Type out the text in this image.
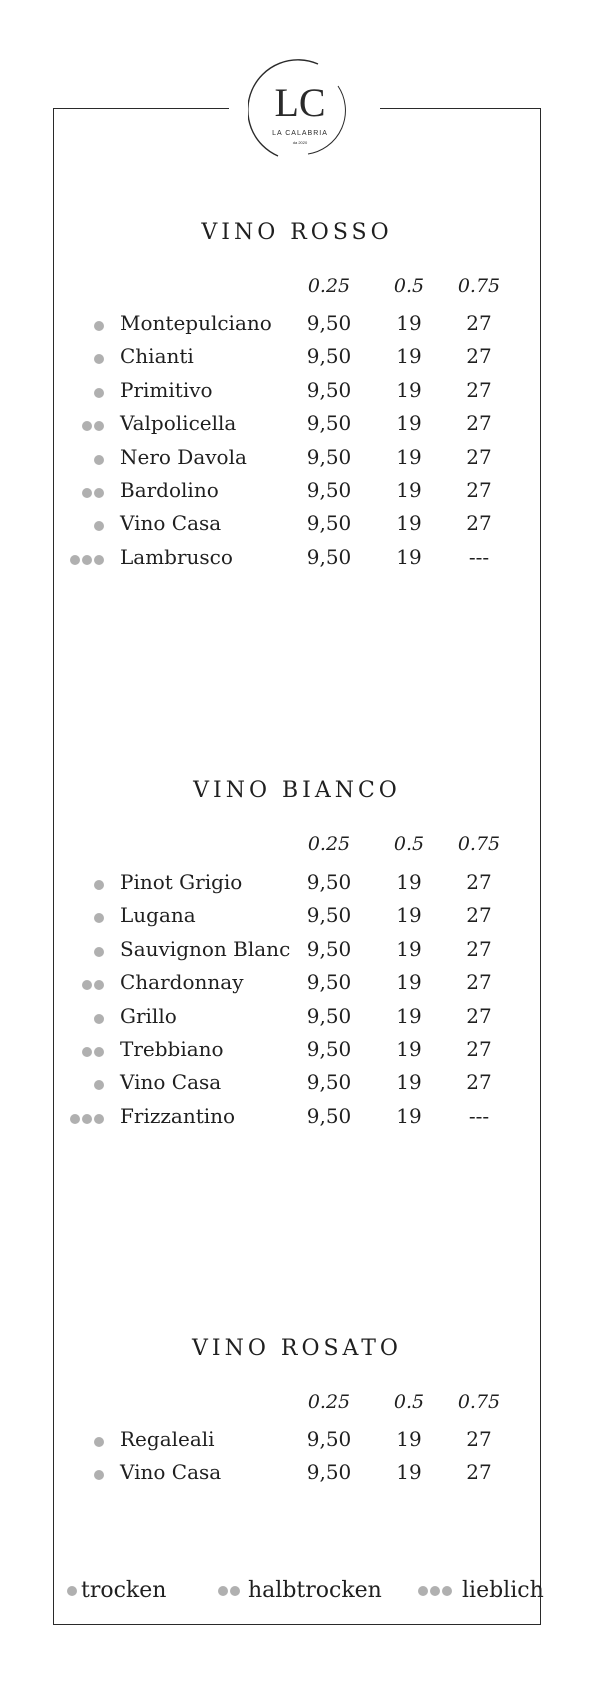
LC
LA CALABRIA
da 2020
VINO ROSSO
0.25	0.5	0.75
Montepulciano	9,50	19	27
Chianti	9,50	19	27
Primitivo	9,50	19	27
Valpolicella	9,50	19	27
Nero Davola	9,50	19	27
Bardolino	9,50	19	27
Vino Casa	9,50	19	27
Lambrusco	9,50	19	---
VINO BIANCO
0.25	0.5	0.75
Pinot Grigio	9,50	19	27
Lugana	9,50	19	27
Sauvignon Blanc 9,50	19	27
Chardonnay	9,50	19	27
Grillo	9,50	19	27
Trebbiano	9,50	19	27
Vino Casa	9,50	19	27
Frizzantino	9,50	19	---
VINO ROSATO
0.25	0.5	0.75
Regaleali	9,50	19	27
Vino Casa	9,50	19	27
trocken	halbtrocken	lieblich
